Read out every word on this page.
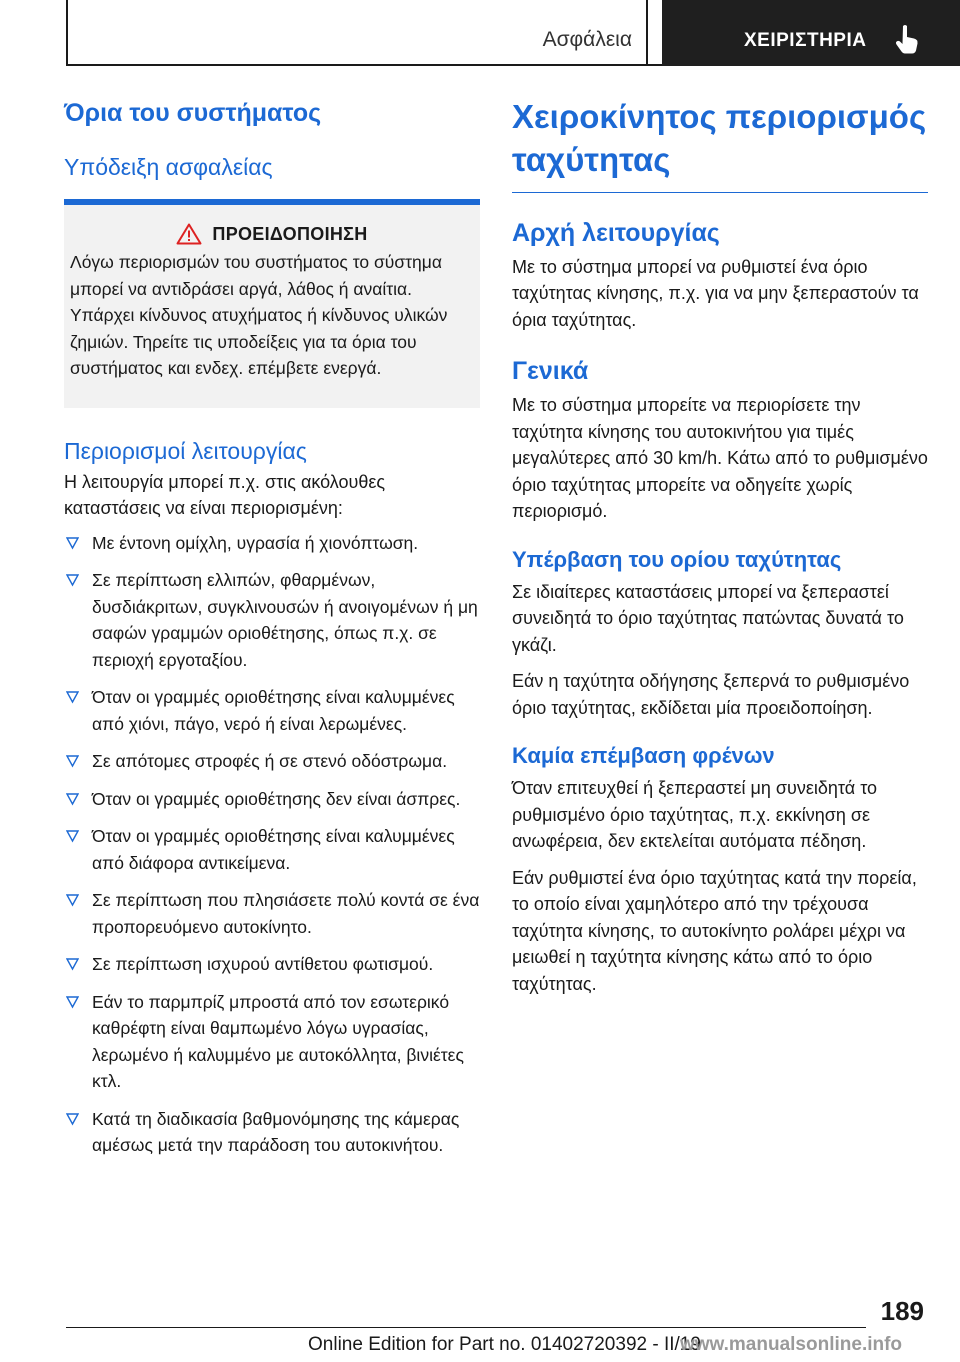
Ασφάλεια	ΧΕΙΡΙΣΤΗΡΙΑ
Όρια του συστήματος
Υπόδειξη ασφαλείας
ΠΡΟΕΙΔΟΠΟΙΗΣΗ

Λόγω περιορισμών του συστήματος το σύστημα μπορεί να αντιδράσει αργά, λάθος ή αναίτια. Υπάρχει κίνδυνος ατυχήματος ή κίνδυνος υλικών ζημιών. Τηρείτε τις υποδείξεις για τα όρια του συστήματος και ενδεχ. επέμβετε ενεργά.

Περιορισμοί λειτουργίας

Η λειτουργία μπορεί π.χ. στις ακόλουθες καταστάσεις να είναι περιορισμένη:

Με έντονη ομίχλη, υγρασία ή χιονόπτωση.
Σε περίπτωση ελλιπών, φθαρμένων, δυσδιάκριτων, συγκλινουσών ή ανοιγομένων ή μη σαφών γραμμών οριοθέτησης, όπως π.χ. σε περιοχή εργοταξίου.
Όταν οι γραμμές οριοθέτησης είναι καλυμμένες από χιόνι, πάγο, νερό ή είναι λερωμένες.
Σε απότομες στροφές ή σε στενό οδόστρωμα.
Όταν οι γραμμές οριοθέτησης δεν είναι άσπρες.
Όταν οι γραμμές οριοθέτησης είναι καλυμμένες από διάφορα αντικείμενα.
Σε περίπτωση που πλησιάσετε πολύ κοντά σε ένα προπορευόμενο αυτοκίνητο.
Σε περίπτωση ισχυρού αντίθετου φωτισμού.
Εάν το παρμπρίζ μπροστά από τον εσωτερικό καθρέφτη είναι θαμπωμένο λόγω υγρασίας, λερωμένο ή καλυμμένο με αυτοκόλλητα, βινιέτες κτλ.
Κατά τη διαδικασία βαθμονόμησης της κάμερας αμέσως μετά την παράδοση του αυτοκινήτου.
Χειροκίνητος περιορισμός ταχύτητας
Αρχή λειτουργίας

Με το σύστημα μπορεί να ρυθμιστεί ένα όριο ταχύτητας κίνησης, π.χ. για να μην ξεπεραστούν τα όρια ταχύτητας.

Γενικά

Με το σύστημα μπορείτε να περιορίσετε την ταχύτητα κίνησης του αυτοκινήτου για τιμές μεγαλύτερες από 30 km/h. Κάτω από το ρυθμισμένο όριο ταχύτητας μπορείτε να οδηγείτε χωρίς περιορισμό.

Υπέρβαση του ορίου ταχύτητας

Σε ιδιαίτερες καταστάσεις μπορεί να ξεπεραστεί συνειδητά το όριο ταχύτητας πατώντας δυνατά το γκάζι.

Εάν η ταχύτητα οδήγησης ξεπερνά το ρυθμισμένο όριο ταχύτητας, εκδίδεται μία προειδοποίηση.

Καμία επέμβαση φρένων

Όταν επιτευχθεί ή ξεπεραστεί μη συνειδητά το ρυθμισμένο όριο ταχύτητας, π.χ. εκκίνηση σε ανωφέρεια, δεν εκτελείται αυτόματα πέδηση.

Εάν ρυθμιστεί ένα όριο ταχύτητας κατά την πορεία, το οποίο είναι χαμηλότερο από την τρέχουσα ταχύτητα κίνησης, το αυτοκίνητο ρολάρει μέχρι να μειωθεί η ταχύτητα κίνησης κάτω από το όριο ταχύτητας.

189
Online Edition for Part no. 01402720392 - II/19
www.manualsonline.info
